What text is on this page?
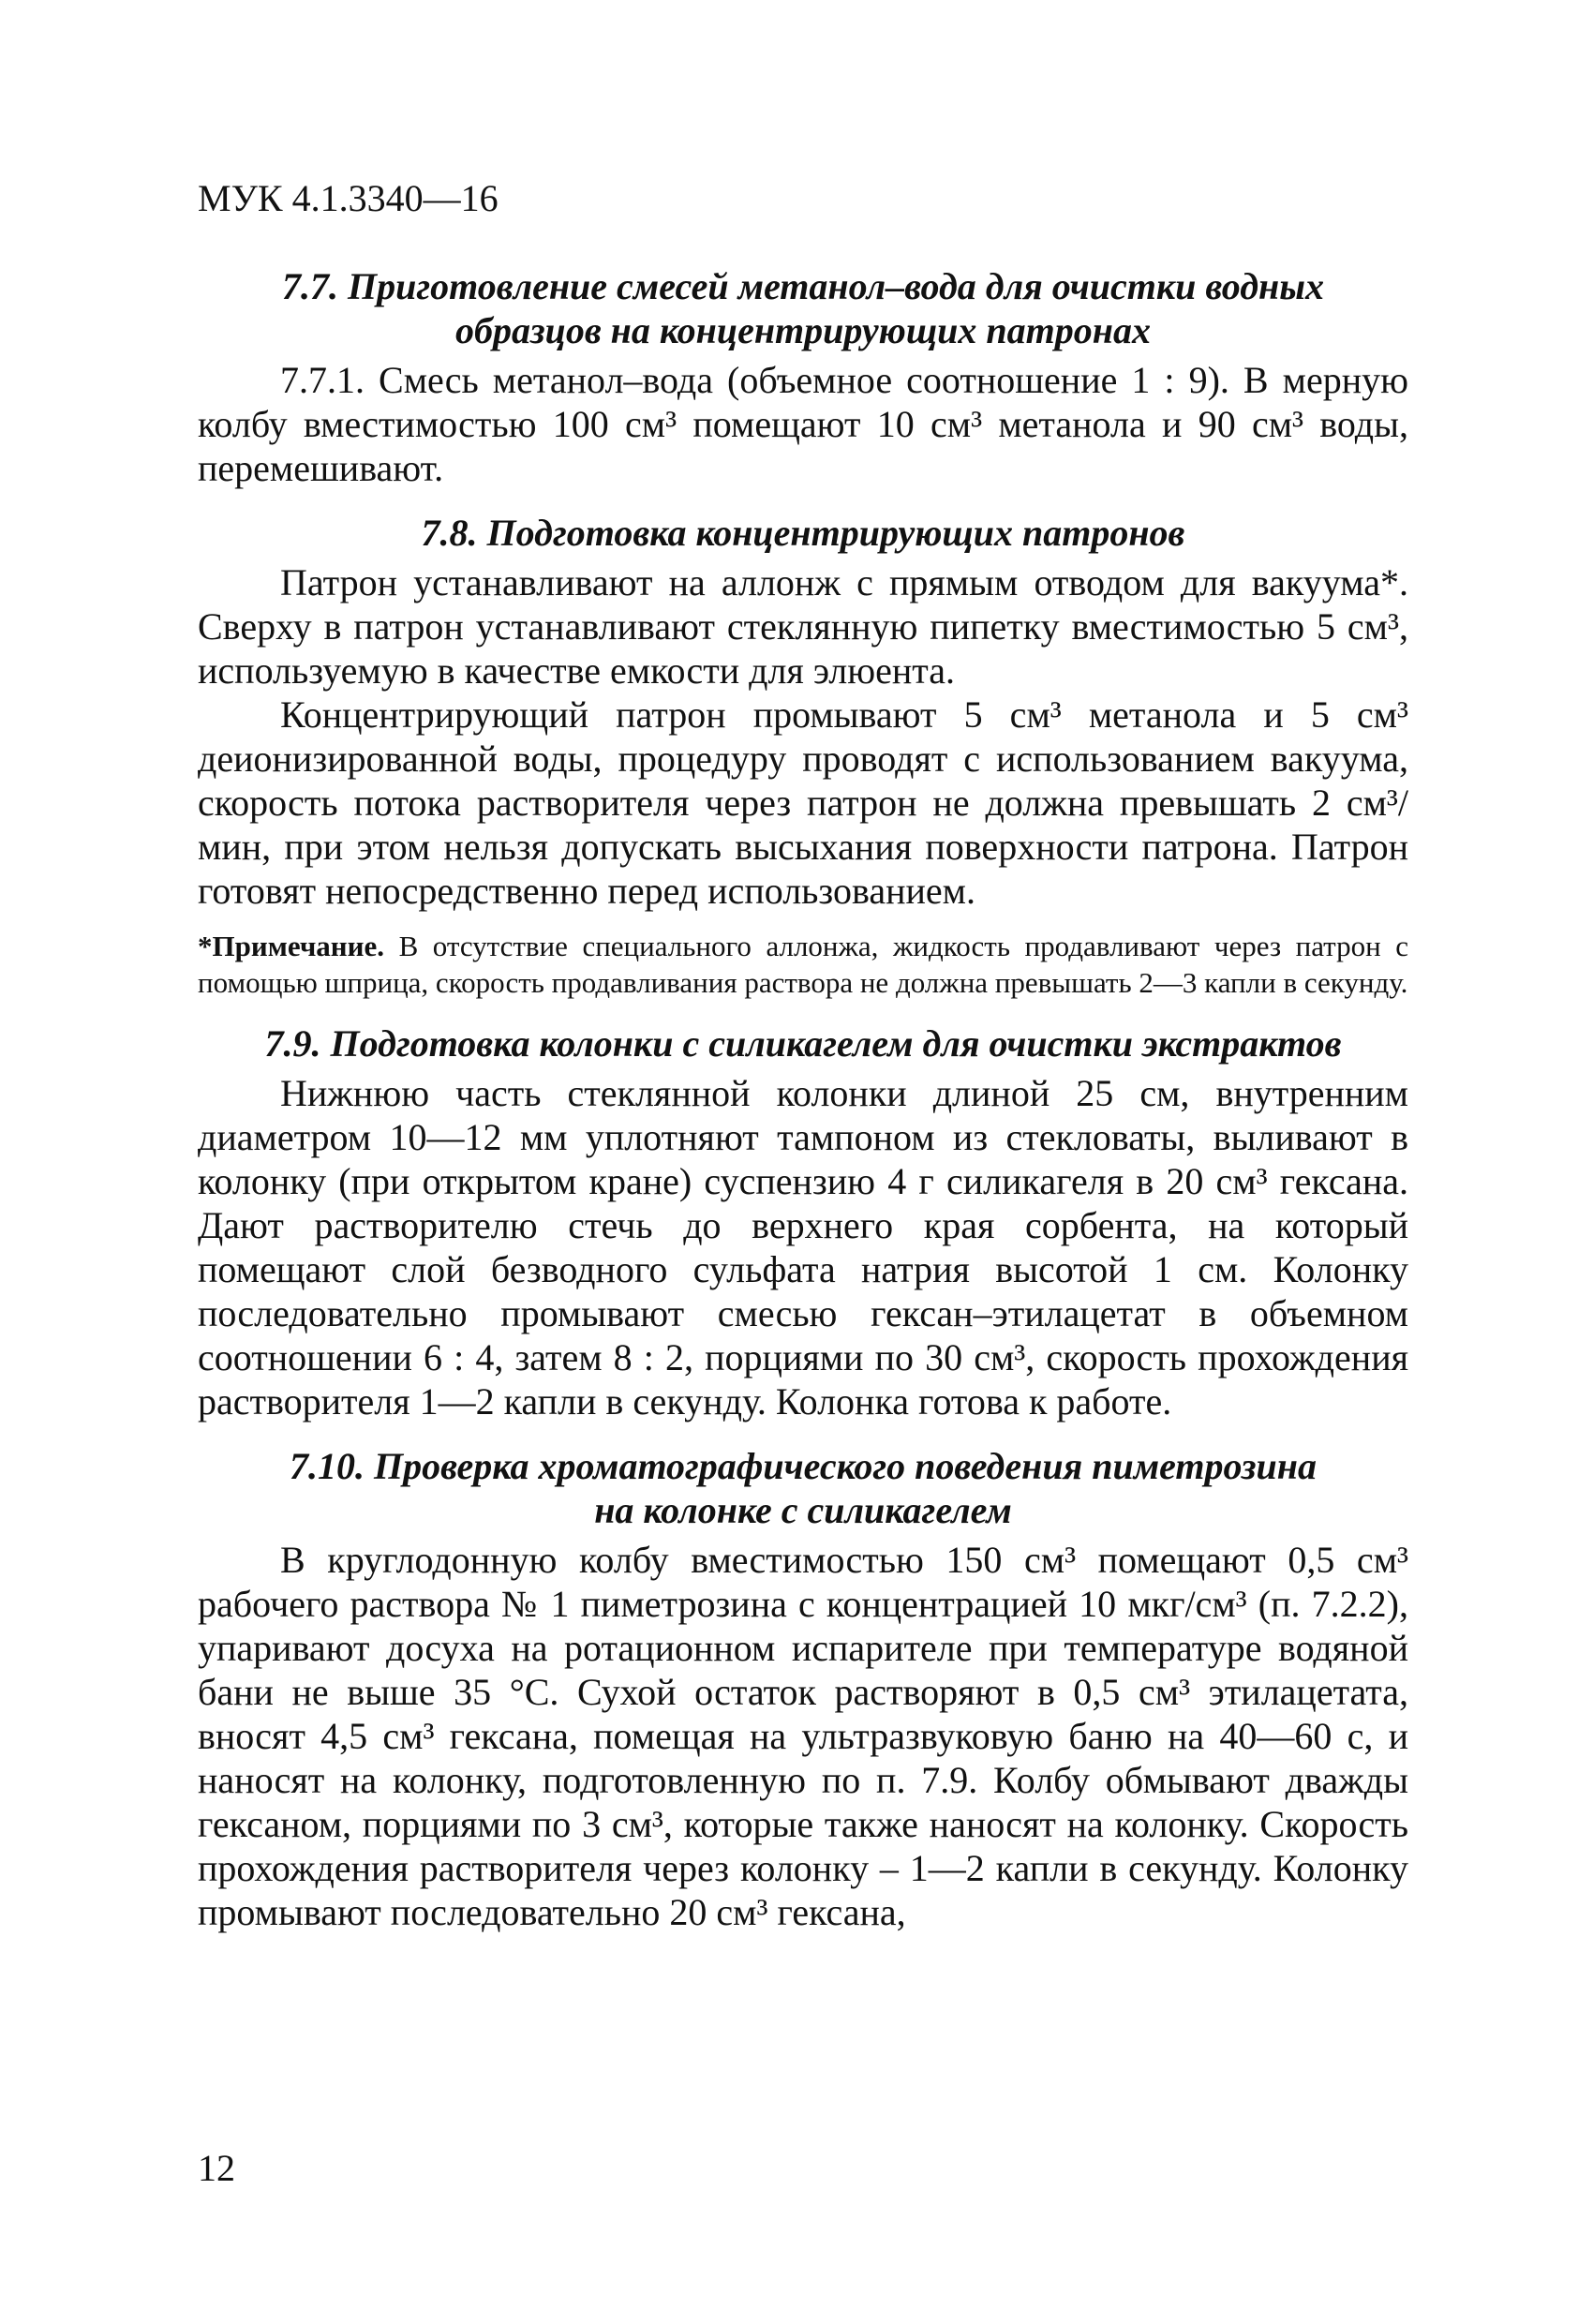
МУК 4.1.3340—16
7.7. Приготовление смесей метанол–вода для очистки водных
образцов на концентрирующих патронах

7.7.1. Смесь метанол–вода (объемное соотношение 1 : 9). В мерную колбу вместимостью 100 см³ помещают 10 см³ метанола и 90 см³ воды, перемешивают.

7.8. Подготовка концентрирующих патронов

Патрон устанавливают на аллонж с прямым отводом для вакуума*. Сверху в патрон устанавливают стеклянную пипетку вместимостью 5 см³, используемую в качестве емкости для элюента.

Концентрирующий патрон промывают 5 см³ метанола и 5 см³ деионизированной воды, процедуру проводят с использованием вакуума, скорость потока растворителя через патрон не должна превышать 2 см³/мин, при этом нельзя допускать высыхания поверхности патрона. Патрон готовят непосредственно перед использованием.

*Примечание. В отсутствие специального аллонжа, жидкость продавливают через патрон с помощью шприца, скорость продавливания раствора не должна превышать 2—3 капли в секунду.

7.9. Подготовка колонки с силикагелем для очистки экстрактов

Нижнюю часть стеклянной колонки длиной 25 см, внутренним диаметром 10—12 мм уплотняют тампоном из стекловаты, выливают в колонку (при открытом кране) суспензию 4 г силикагеля в 20 см³ гексана. Дают растворителю стечь до верхнего края сорбента, на который помещают слой безводного сульфата натрия высотой 1 см. Колонку последовательно промывают смесью гексан–этилацетат в объемном соотношении 6 : 4, затем 8 : 2, порциями по 30 см³, скорость прохождения растворителя 1—2 капли в секунду. Колонка готова к работе.

7.10. Проверка хроматографического поведения пиметрозина
на колонке с силикагелем

В круглодонную колбу вместимостью 150 см³ помещают 0,5 см³ рабочего раствора № 1 пиметрозина с концентрацией 10 мкг/см³ (п. 7.2.2), упаривают досуха на ротационном испарителе при температуре водяной бани не выше 35 °С. Сухой остаток растворяют в 0,5 см³ этилацетата, вносят 4,5 см³ гексана, помещая на ультразвуковую баню на 40—60 с, и наносят на колонку, подготовленную по п. 7.9. Колбу обмывают дважды гексаном, порциями по 3 см³, которые также наносят на колонку. Скорость прохождения растворителя через колонку – 1—2 капли в секунду. Колонку промывают последовательно 20 см³ гексана,

12
